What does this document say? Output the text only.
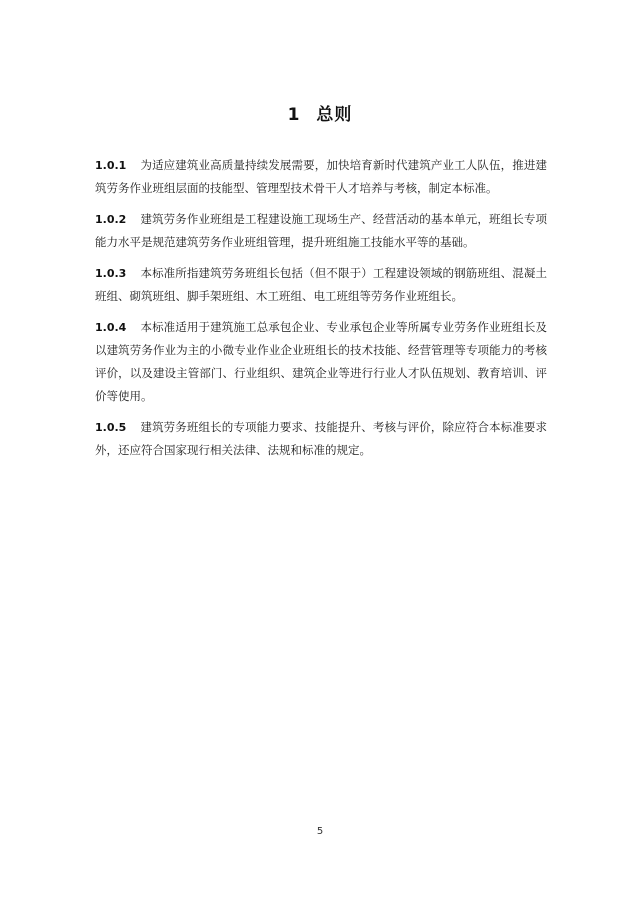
1 总则

1.0.1 为适应建筑业高质量持续发展需要，加快培育新时代建筑产业工人队伍，推进建筑劳务作业班组层面的技能型、管理型技术骨干人才培养与考核，制定本标准。

1.0.2 建筑劳务作业班组是工程建设施工现场生产、经营活动的基本单元，班组长专项能力水平是规范建筑劳务作业班组管理，提升班组施工技能水平等的基础。

1.0.3 本标准所指建筑劳务班组长包括（但不限于）工程建设领域的钢筋班组、混凝土班组、砌筑班组、脚手架班组、木工班组、电工班组等劳务作业班组长。

1.0.4 本标准适用于建筑施工总承包企业、专业承包企业等所属专业劳务作业班组长及以建筑劳务作业为主的小微专业作业企业班组长的技术技能、经营管理等专项能力的考核评价，以及建设主管部门、行业组织、建筑企业等进行行业人才队伍规划、教育培训、评价等使用。

1.0.5 建筑劳务班组长的专项能力要求、技能提升、考核与评价，除应符合本标准要求外，还应符合国家现行相关法律、法规和标准的规定。

5
